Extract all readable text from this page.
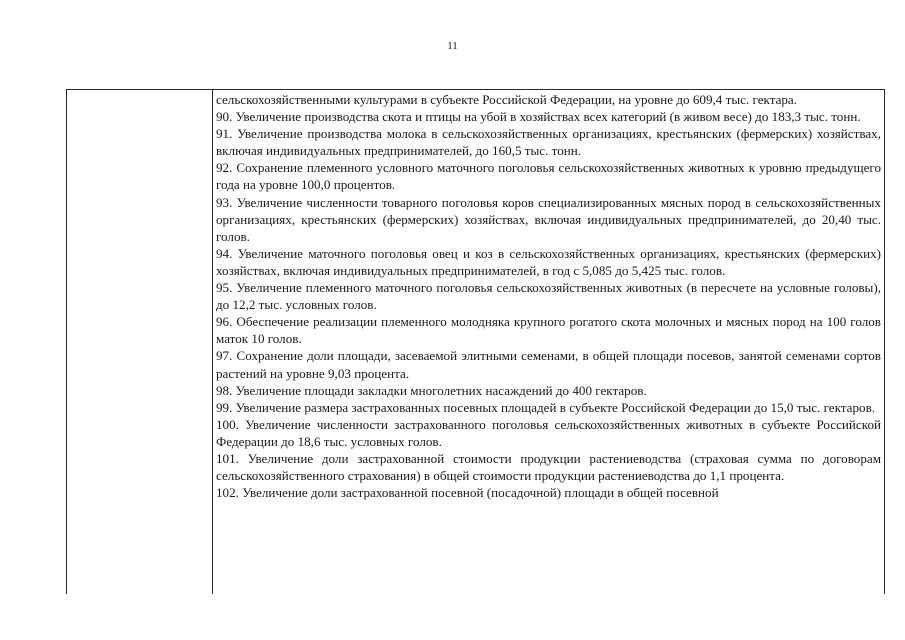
11

сельскохозяйственными культурами в субъекте Российской Федерации, на уровне до 609,4 тыс. гектара.

90. Увеличение производства скота и птицы на убой в хозяйствах всех категорий (в живом весе) до 183,3 тыс. тонн.

91. Увеличение производства молока в сельскохозяйственных организациях, крестьянских (фермерских) хозяйствах, включая индивидуальных предпринимателей, до 160,5 тыс. тонн.

92. Сохранение племенного условного маточного поголовья сельскохозяйственных животных к уровню предыдущего года на уровне 100,0 процентов.

93. Увеличение численности товарного поголовья коров специализированных мясных пород в сельскохозяйственных организациях, крестьянских (фермерских) хозяйствах, включая индивидуальных предпринимателей, до 20,40 тыс. голов.

94. Увеличение маточного поголовья овец и коз в сельскохозяйственных организациях, крестьянских (фермерских) хозяйствах, включая индивидуальных предпринимателей, в год с 5,085 до 5,425 тыс. голов.

95. Увеличение племенного маточного поголовья сельскохозяйственных животных (в пересчете на условные головы), до 12,2 тыс. условных голов.

96. Обеспечение реализации племенного молодняка крупного рогатого скота молочных и мясных пород на 100 голов маток 10 голов.

97. Сохранение доли площади, засеваемой элитными семенами, в общей площади посевов, занятой семенами сортов растений на уровне 9,03 процента.

98. Увеличение площади закладки многолетних насаждений до 400 гектаров.

99. Увеличение размера застрахованных посевных площадей в субъекте Российской Федерации до 15,0 тыс. гектаров.

100. Увеличение численности застрахованного поголовья сельскохозяйственных животных в субъекте Российской Федерации до 18,6 тыс. условных голов.

101. Увеличение доли застрахованной стоимости продукции растениеводства (страховая сумма по договорам сельскохозяйственного страхования) в общей стоимости продукции растениеводства до 1,1 процента.

102. Увеличение доли застрахованной посевной (посадочной) площади в общей посевной
